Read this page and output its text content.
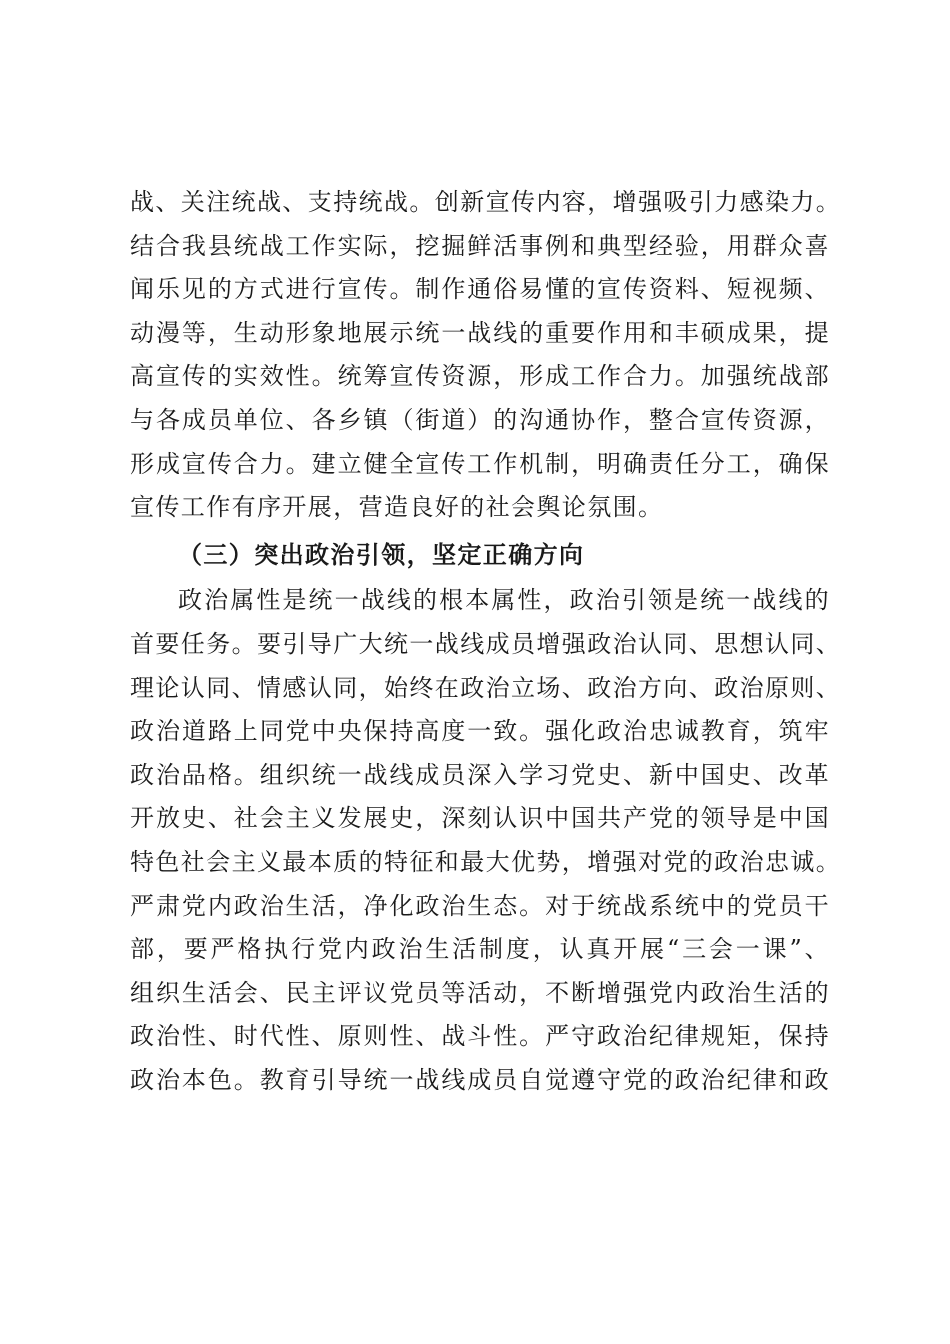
战、关注统战、支持统战。创新宣传内容，增强吸引力感染力。
结合我县统战工作实际，挖掘鲜活事例和典型经验，用群众喜
闻乐见的方式进行宣传。制作通俗易懂的宣传资料、短视频、
动漫等，生动形象地展示统一战线的重要作用和丰硕成果，提
高宣传的实效性。统筹宣传资源，形成工作合力。加强统战部
与各成员单位、各乡镇（街道）的沟通协作，整合宣传资源，
形成宣传合力。建立健全宣传工作机制，明确责任分工，确保
宣传工作有序开展，营造良好的社会舆论氛围。
（三）突出政治引领，坚定正确方向
政治属性是统一战线的根本属性，政治引领是统一战线的
首要任务。要引导广大统一战线成员增强政治认同、思想认同、
理论认同、情感认同，始终在政治立场、政治方向、政治原则、
政治道路上同党中央保持高度一致。强化政治忠诚教育，筑牢
政治品格。组织统一战线成员深入学习党史、新中国史、改革
开放史、社会主义发展史，深刻认识中国共产党的领导是中国
特色社会主义最本质的特征和最大优势，增强对党的政治忠诚。
严肃党内政治生活，净化政治生态。对于统战系统中的党员干
部，要严格执行党内政治生活制度，认真开展“三会一课”、
组织生活会、民主评议党员等活动，不断增强党内政治生活的
政治性、时代性、原则性、战斗性。严守政治纪律规矩，保持
政治本色。教育引导统一战线成员自觉遵守党的政治纪律和政
